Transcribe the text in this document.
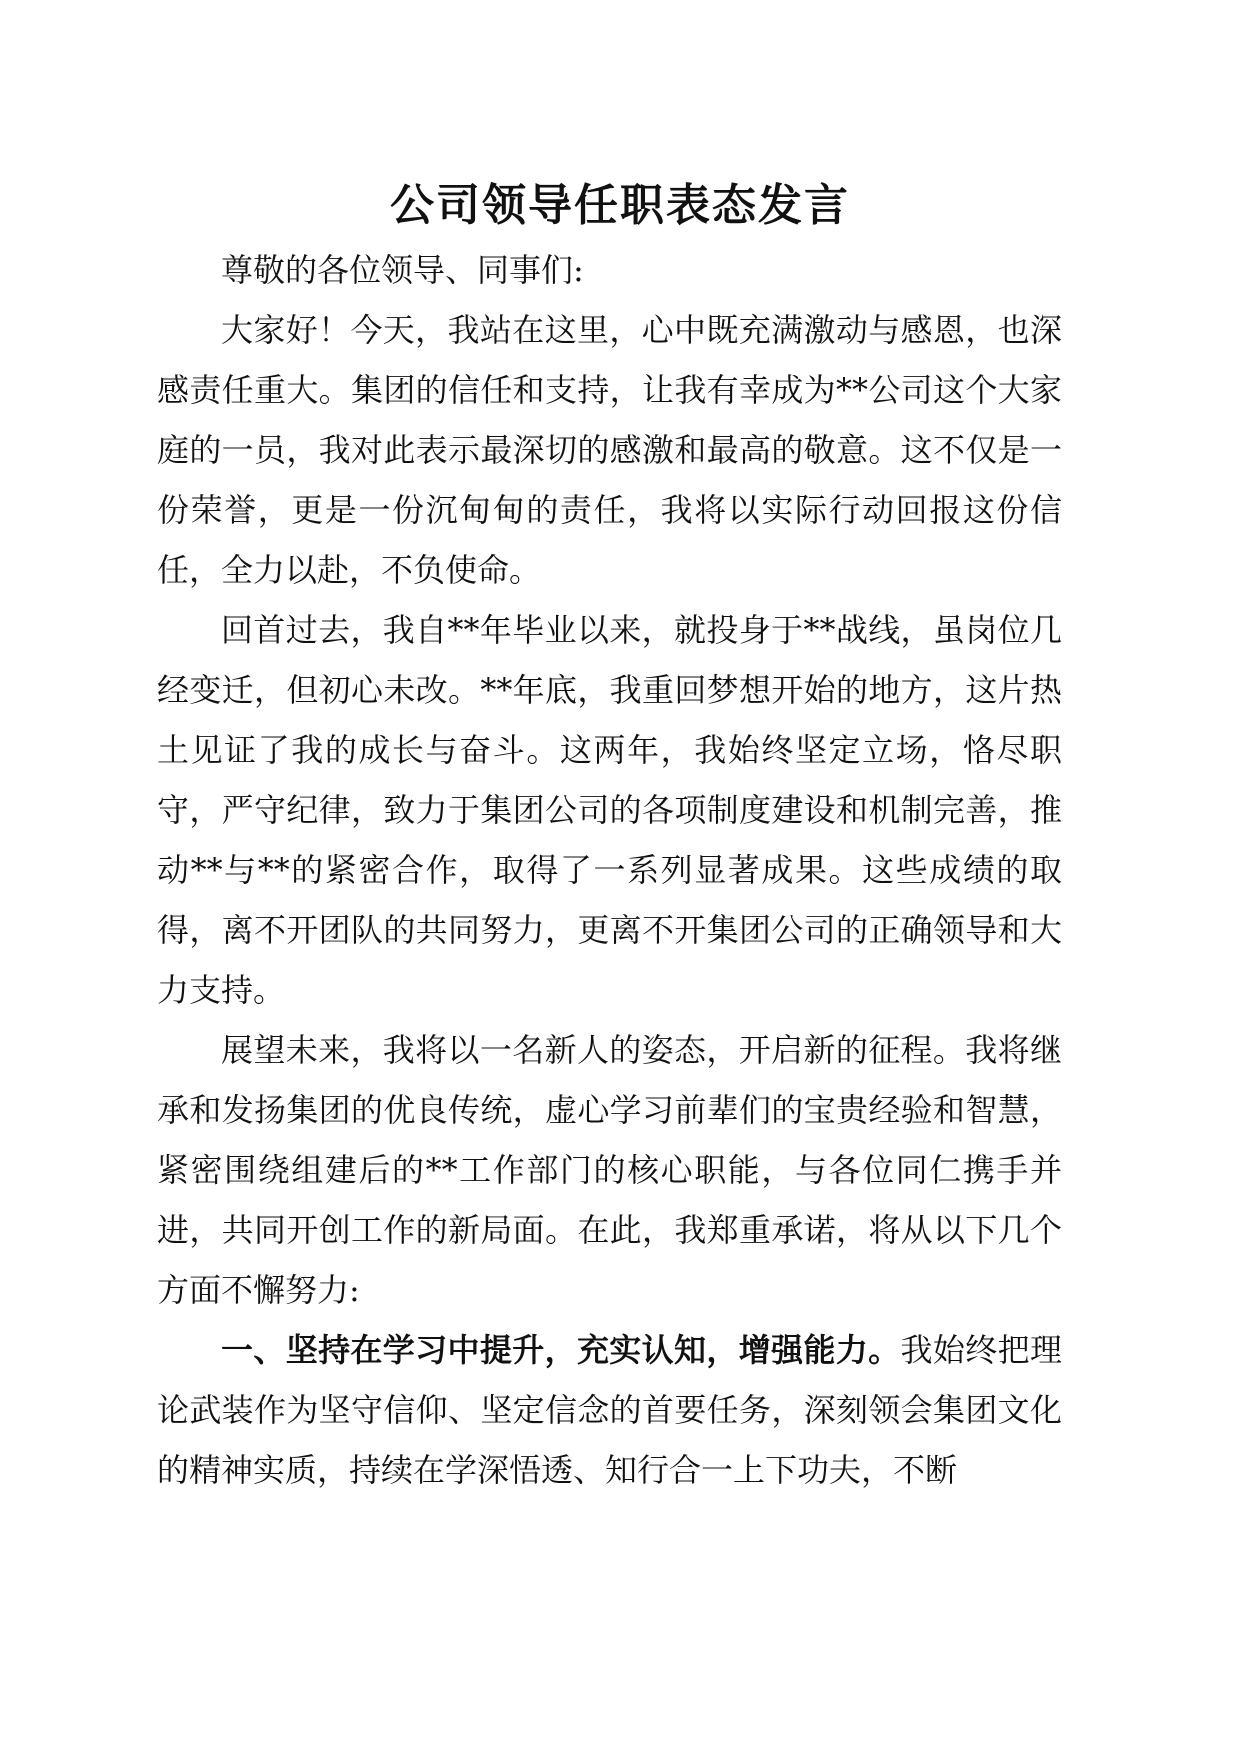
公司领导任职表态发言

尊敬的各位领导、同事们:

大家好！今天，我站在这里，心中既充满激动与感恩，也深感责任重大。集团的信任和支持，让我有幸成为**公司这个大家庭的一员，我对此表示最深切的感激和最高的敬意。这不仅是一份荣誉，更是一份沉甸甸的责任，我将以实际行动回报这份信任，全力以赴，不负使命。

回首过去，我自**年毕业以来，就投身于**战线，虽岗位几经变迁，但初心未改。**年底，我重回梦想开始的地方，这片热土见证了我的成长与奋斗。这两年，我始终坚定立场，恪尽职守，严守纪律，致力于集团公司的各项制度建设和机制完善，推动**与**的紧密合作，取得了一系列显著成果。这些成绩的取得，离不开团队的共同努力，更离不开集团公司的正确领导和大力支持。

展望未来，我将以一名新人的姿态，开启新的征程。我将继承和发扬集团的优良传统，虚心学习前辈们的宝贵经验和智慧，紧密围绕组建后的**工作部门的核心职能，与各位同仁携手并进，共同开创工作的新局面。在此，我郑重承诺，将从以下几个方面不懈努力:

一、坚持在学习中提升，充实认知，增强能力。我始终把理论武装作为坚守信仰、坚定信念的首要任务，深刻领会集团文化的精神实质，持续在学深悟透、知行合一上下功夫，不断
